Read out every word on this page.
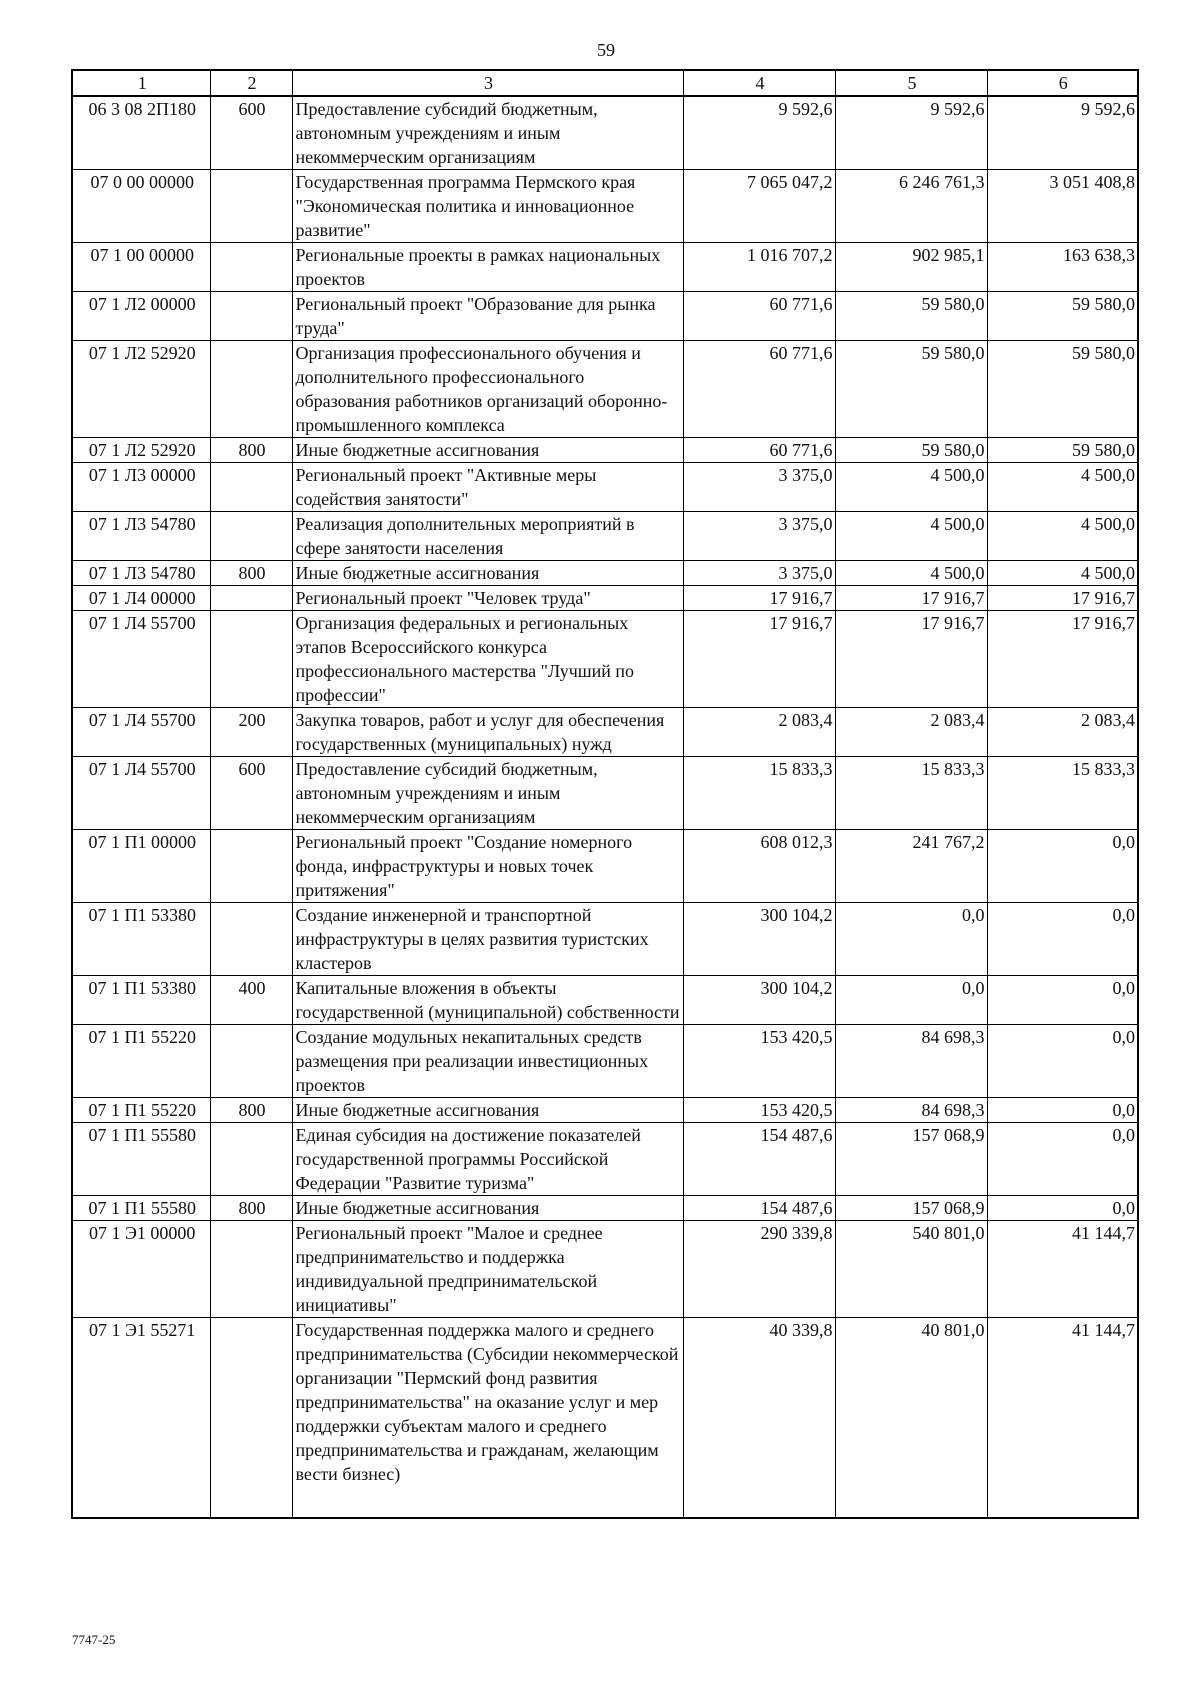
59
1	2	3	4	5	6
06 3 08 2П180	600	Предоставление субсидий бюджетным, автономным учреждениям и иным некоммерческим организациям	9 592,6	9 592,6	9 592,6
07 0 00 00000		Государственная программа Пермского края "Экономическая политика и инновационное развитие"	7 065 047,2	6 246 761,3	3 051 408,8
07 1 00 00000		Региональные проекты в рамках национальных проектов	1 016 707,2	902 985,1	163 638,3
07 1 Л2 00000		Региональный проект "Образование для рынка труда"	60 771,6	59 580,0	59 580,0
07 1 Л2 52920		Организация профессионального обучения и дополнительного профессионального образования работников организаций оборонно-промышленного комплекса	60 771,6	59 580,0	59 580,0
07 1 Л2 52920	800	Иные бюджетные ассигнования	60 771,6	59 580,0	59 580,0
07 1 Л3 00000		Региональный проект "Активные меры содействия занятости"	3 375,0	4 500,0	4 500,0
07 1 Л3 54780		Реализация дополнительных мероприятий в сфере занятости населения	3 375,0	4 500,0	4 500,0
07 1 Л3 54780	800	Иные бюджетные ассигнования	3 375,0	4 500,0	4 500,0
07 1 Л4 00000		Региональный проект "Человек труда"	17 916,7	17 916,7	17 916,7
07 1 Л4 55700		Организация федеральных и региональных этапов Всероссийского конкурса профессионального мастерства "Лучший по профессии"	17 916,7	17 916,7	17 916,7
07 1 Л4 55700	200	Закупка товаров, работ и услуг для обеспечения государственных (муниципальных) нужд	2 083,4	2 083,4	2 083,4
07 1 Л4 55700	600	Предоставление субсидий бюджетным, автономным учреждениям и иным некоммерческим организациям	15 833,3	15 833,3	15 833,3
07 1 П1 00000		Региональный проект "Создание номерного фонда, инфраструктуры и новых точек притяжения"	608 012,3	241 767,2	0,0
07 1 П1 53380		Создание инженерной и транспортной инфраструктуры в целях развития туристских кластеров	300 104,2	0,0	0,0
07 1 П1 53380	400	Капитальные вложения в объекты государственной (муниципальной) собственности	300 104,2	0,0	0,0
07 1 П1 55220		Создание модульных некапитальных средств размещения при реализации инвестиционных проектов	153 420,5	84 698,3	0,0
07 1 П1 55220	800	Иные бюджетные ассигнования	153 420,5	84 698,3	0,0
07 1 П1 55580		Единая субсидия на достижение показателей государственной программы Российской Федерации "Развитие туризма"	154 487,6	157 068,9	0,0
07 1 П1 55580	800	Иные бюджетные ассигнования	154 487,6	157 068,9	0,0
07 1 Э1 00000		Региональный проект "Малое и среднее предпринимательство и поддержка индивидуальной предпринимательской инициативы"	290 339,8	540 801,0	41 144,7
07 1 Э1 55271		Государственная поддержка малого и среднего предпринимательства (Субсидии некоммерческой организации "Пермский фонд развития предпринимательства" на оказание услуг и мер поддержки субъектам малого и среднего предпринимательства и гражданам, желающим вести бизнес)	40 339,8	40 801,0	41 144,7
7747-25
